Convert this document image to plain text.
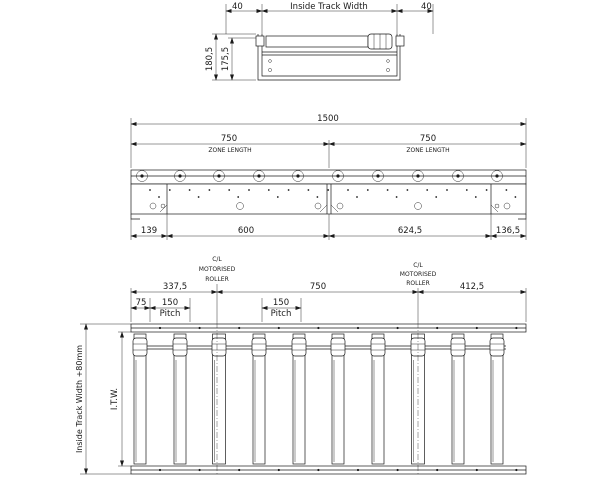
40	Inside Track Width	40
180,5 175,5
1500
750
ZONE LENGTH
750
ZONE LENGTH
139	600	624,5	136,5
C/L
MOTORISED
ROLLER
C/L
MOTORISED
ROLLER
337,5	750	412,5
75 150
Pitch
150
Pitch
Inside Track Width +80mm	I.T.W.
